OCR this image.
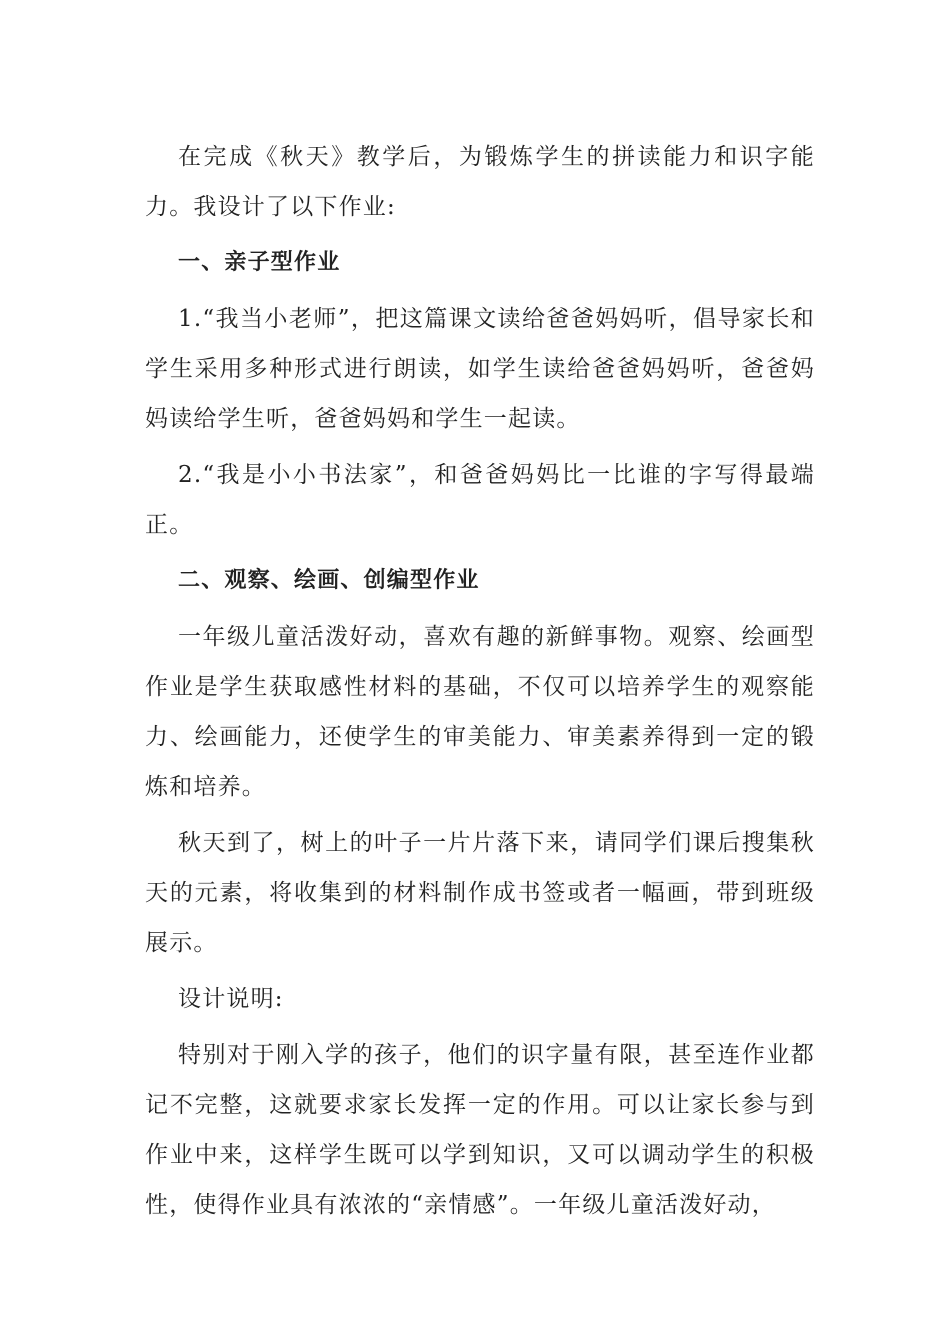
在完成《秋天》教学后，为锻炼学生的拼读能力和识字能力。我设计了以下作业:

一、亲子型作业

1.“我当小老师”，把这篇课文读给爸爸妈妈听，倡导家长和学生采用多种形式进行朗读，如学生读给爸爸妈妈听，爸爸妈妈读给学生听，爸爸妈妈和学生一起读。

2.“我是小小书法家”，和爸爸妈妈比一比谁的字写得最端正。

二、观察、绘画、创编型作业

一年级儿童活泼好动，喜欢有趣的新鲜事物。观察、绘画型作业是学生获取感性材料的基础，不仅可以培养学生的观察能力、绘画能力，还使学生的审美能力、审美素养得到一定的锻炼和培养。

秋天到了，树上的叶子一片片落下来，请同学们课后搜集秋天的元素，将收集到的材料制作成书签或者一幅画，带到班级展示。

设计说明:

特别对于刚入学的孩子，他们的识字量有限，甚至连作业都记不完整，这就要求家长发挥一定的作用。可以让家长参与到作业中来，这样学生既可以学到知识，又可以调动学生的积极性，使得作业具有浓浓的“亲情感”。一年级儿童活泼好动，
